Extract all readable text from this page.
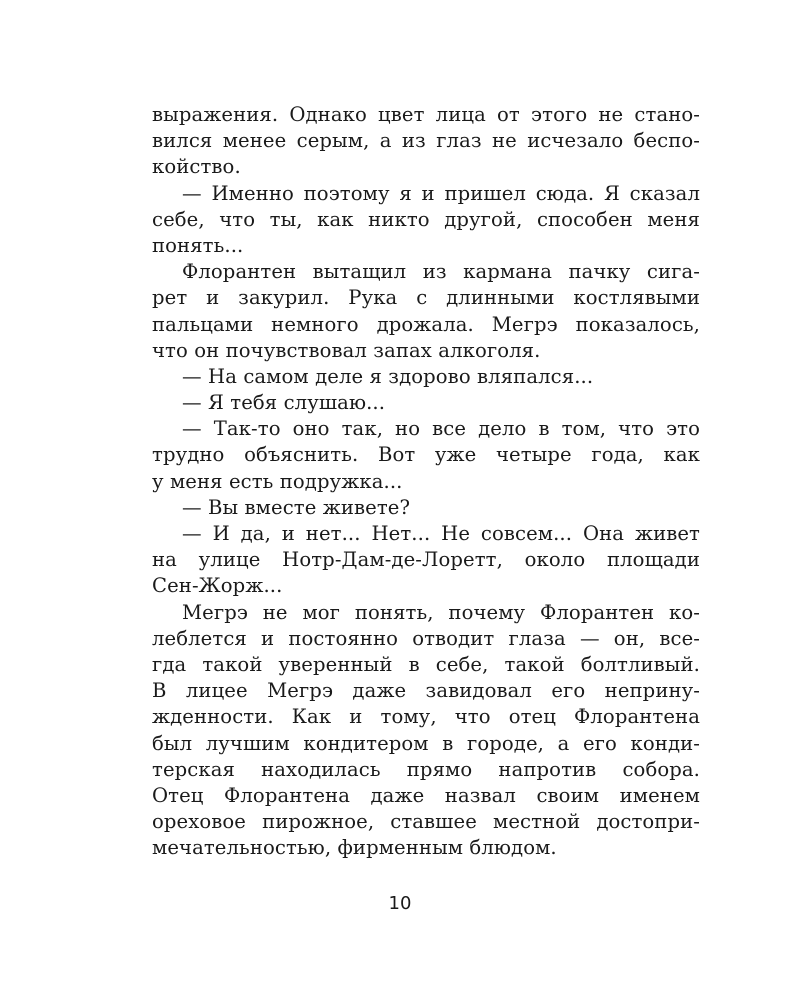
выражения. Однако цвет лица от этого не стано-
вился менее серым, а из глаз не исчезало беспо-
койство.
— Именно поэтому я и пришел сюда. Я сказал
себе, что ты, как никто другой, способен меня
понять...
Флорантен вытащил из кармана пачку сига-
рет и закурил. Рука с длинными костлявыми
пальцами немного дрожала. Мегрэ показалось,
что он почувствовал запах алкоголя.
— На самом деле я здорово вляпался...
— Я тебя слушаю...
— Так-то оно так, но все дело в том, что это
трудно объяснить. Вот уже четыре года, как
у меня есть подружка...
— Вы вместе живете?
— И да, и нет... Нет... Не совсем... Она живет
на улице Нотр-Дам-де-Лоретт, около площади
Сен-Жорж...
Мегрэ не мог понять, почему Флорантен ко-
леблется и постоянно отводит глаза — он, все-
гда такой уверенный в себе, такой болтливый.
В лицее Мегрэ даже завидовал его неприну-
жденности. Как и тому, что отец Флорантена
был лучшим кондитером в городе, а его конди-
терская находилась прямо напротив собора.
Отец Флорантена даже назвал своим именем
ореховое пирожное, ставшее местной достопри-
мечательностью, фирменным блюдом.
10
